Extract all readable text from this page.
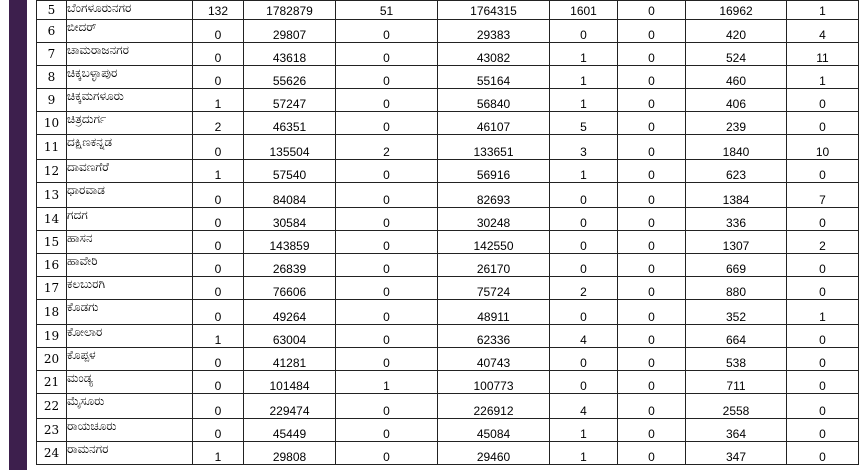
5	ಬೆಂಗಳೂರುನಗರ	132	1782879	51	1764315	1601	0	16962	1
6	ಬೀದರ್	0	29807	0	29383	0	0	420	4
7	ಚಾಮರಾಜನಗರ	0	43618	0	43082	1	0	524	11
8	ಚಿಕ್ಕಬಳ್ಳಾಪುರ	0	55626	0	55164	1	0	460	1
9	ಚಿಕ್ಕಮಗಳೂರು	1	57247	0	56840	1	0	406	0
10	ಚಿತ್ರದುರ್ಗ	2	46351	0	46107	5	0	239	0
11	ದಕ್ಷಿಣಕನ್ನಡ	0	135504	2	133651	3	0	1840	10
12	ದಾವಣಗೆರೆ	1	57540	0	56916	1	0	623	0
13	ಧಾರವಾಡ	0	84084	0	82693	0	0	1384	7
14	ಗದಗ	0	30584	0	30248	0	0	336	0
15	ಹಾಸನ	0	143859	0	142550	0	0	1307	2
16	ಹಾವೇರಿ	0	26839	0	26170	0	0	669	0
17	ಕಲಬುರಗಿ	0	76606	0	75724	2	0	880	0
18	ಕೊಡಗು	0	49264	0	48911	0	0	352	1
19	ಕೋಲಾರ	1	63004	0	62336	4	0	664	0
20	ಕೊಪ್ಪಳ	0	41281	0	40743	0	0	538	0
21	ಮಂಡ್ಯ	0	101484	1	100773	0	0	711	0
22	ಮೈಸೂರು	0	229474	0	226912	4	0	2558	0
23	ರಾಯಚೂರು	0	45449	0	45084	1	0	364	0
24	ರಾಮನಗರ	1	29808	0	29460	1	0	347	0
